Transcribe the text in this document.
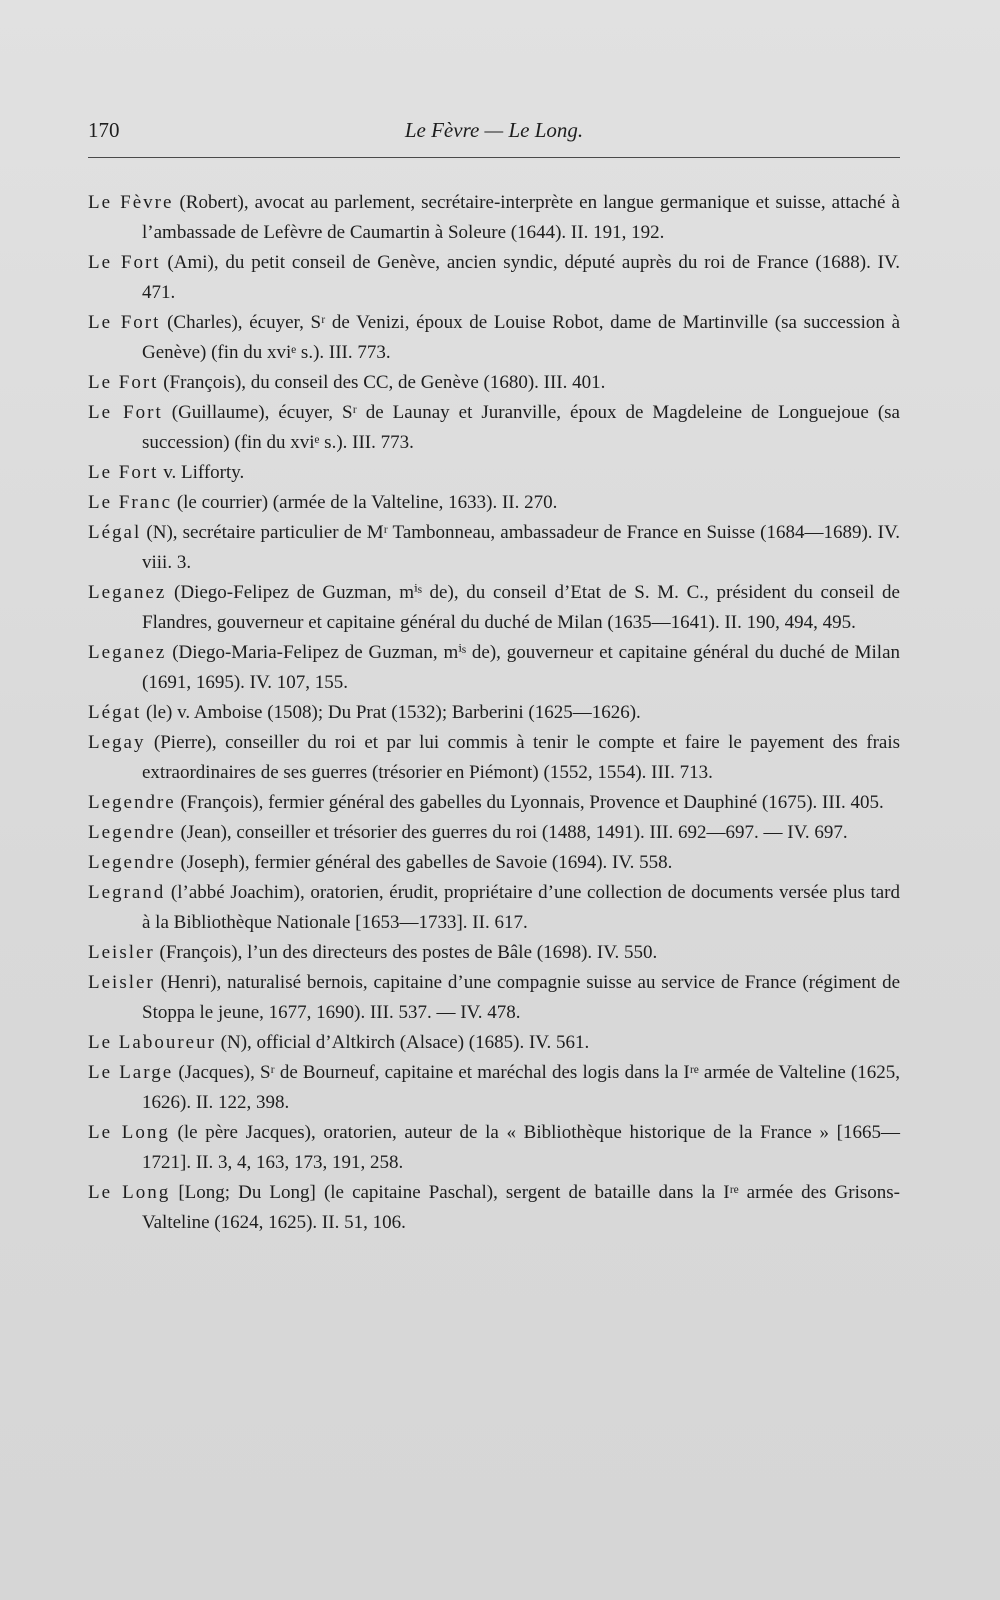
170	Le Fèvre — Le Long.

Le Fèvre (Robert), avocat au parlement, secrétaire-interprète en langue germanique et suisse, attaché à l’ambassade de Lefèvre de Caumartin à Soleure (1644). II. 191, 192.

Le Fort (Ami), du petit conseil de Genève, ancien syndic, député auprès du roi de France (1688). IV. 471.

Le Fort (Charles), écuyer, Sʳ de Venizi, époux de Louise Robot, dame de Martinville (sa succession à Genève) (fin du xviᵉ s.). III. 773.

Le Fort (François), du conseil des CC, de Genève (1680). III. 401.

Le Fort (Guillaume), écuyer, Sʳ de Launay et Juranville, époux de Magdeleine de Longuejoue (sa succession) (fin du xviᵉ s.). III. 773.

Le Fort v. Lifforty.

Le Franc (le courrier) (armée de la Valteline, 1633). II. 270.

Légal (N), secrétaire particulier de Mʳ Tambonneau, ambassadeur de France en Suisse (1684—1689). IV. viii. 3.

Leganez (Diego-Felipez de Guzman, mⁱˢ de), du conseil d’Etat de S. M. C., président du conseil de Flandres, gouverneur et capitaine général du duché de Milan (1635—1641). II. 190, 494, 495.

Leganez (Diego-Maria-Felipez de Guzman, mⁱˢ de), gouverneur et capitaine général du duché de Milan (1691, 1695). IV. 107, 155.

Légat (le) v. Amboise (1508); Du Prat (1532); Barberini (1625—1626).

Legay (Pierre), conseiller du roi et par lui commis à tenir le compte et faire le payement des frais extraordinaires de ses guerres (trésorier en Piémont) (1552, 1554). III. 713.

Legendre (François), fermier général des gabelles du Lyonnais, Provence et Dauphiné (1675). III. 405.

Legendre (Jean), conseiller et trésorier des guerres du roi (1488, 1491). III. 692—697. — IV. 697.

Legendre (Joseph), fermier général des gabelles de Savoie (1694). IV. 558.

Legrand (l’abbé Joachim), oratorien, érudit, propriétaire d’une collection de documents versée plus tard à la Bibliothèque Nationale [1653—1733]. II. 617.

Leisler (François), l’un des directeurs des postes de Bâle (1698). IV. 550.

Leisler (Henri), naturalisé bernois, capitaine d’une compagnie suisse au service de France (régiment de Stoppa le jeune, 1677, 1690). III. 537. — IV. 478.

Le Laboureur (N), official d’Altkirch (Alsace) (1685). IV. 561.

Le Large (Jacques), Sʳ de Bourneuf, capitaine et maréchal des logis dans la Iʳᵉ armée de Valteline (1625, 1626). II. 122, 398.

Le Long (le père Jacques), oratorien, auteur de la « Bibliothèque historique de la France » [1665—1721]. II. 3, 4, 163, 173, 191, 258.

Le Long [Long; Du Long] (le capitaine Paschal), sergent de bataille dans la Iʳᵉ armée des Grisons-Valteline (1624, 1625). II. 51, 106.
